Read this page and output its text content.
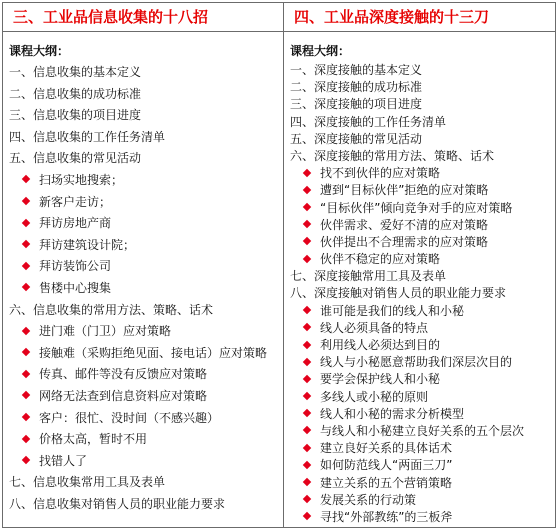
三、工业品信息收集的十八招
课程大纲：
一、信息收集的基本定义
二、信息收集的成功标准
三、信息收集的项目进度
四、信息收集的工作任务清单
五、信息收集的常见活动
扫场实地搜索；
新客户走访；
拜访房地产商
拜访建筑设计院；
拜访装饰公司
售楼中心搜集
六、信息收集的常用方法、策略、话术
进门难（门卫）应对策略
接触难（采购拒绝见面、接电话）应对策略
传真、邮件等没有反馈应对策略
网络无法查到信息资料应对策略
客户：很忙、没时间（不感兴趣）
价格太高，暂时不用
找错人了
七、信息收集常用工具及表单
八、信息收集对销售人员的职业能力要求
四、工业品深度接触的十三刀
课程大纲：
一、深度接触的基本定义
二、深度接触的成功标准
三、深度接触的项目进度
四、深度接触的工作任务清单
五、深度接触的常见活动
六、深度接触的常用方法、策略、话术
找不到伙伴的应对策略
遭到“目标伙伴”拒绝的应对策略
“目标伙伴”倾向竞争对手的应对策略
伙伴需求、爱好不清的应对策略
伙伴提出不合理需求的应对策略
伙伴不稳定的应对策略
七、深度接触常用工具及表单
八、深度接触对销售人员的职业能力要求
谁可能是我们的线人和小秘
线人必须具备的特点
利用线人必须达到目的
线人与小秘愿意帮助我们深层次目的
要学会保护线人和小秘
多线人或小秘的原则
线人和小秘的需求分析模型
与线人和小秘建立良好关系的五个层次
建立良好关系的具体话术
如何防范线人“两面三刀”
建立关系的五个营销策略
发展关系的行动策
寻找“外部教练”的三板斧
